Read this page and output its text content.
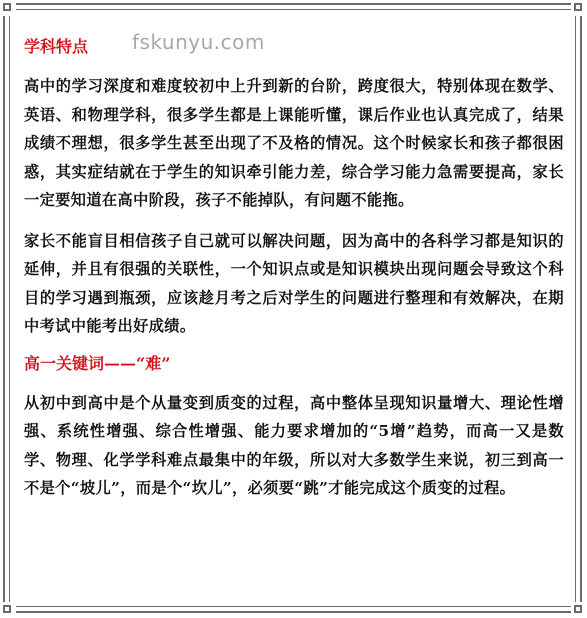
学科特点	fskunyu.com

高中的学习深度和难度较初中上升到新的台阶，跨度很大，特别体现在数学、英语、和物理学科，很多学生都是上课能听懂，课后作业也认真完成了，结果成绩不理想，很多学生甚至出现了不及格的情况。这个时候家长和孩子都很困惑，其实症结就在于学生的知识牵引能力差，综合学习能力急需要提高，家长一定要知道在高中阶段，孩子不能掉队，有问题不能拖。

家长不能盲目相信孩子自己就可以解决问题，因为高中的各科学习都是知识的延伸，并且有很强的关联性，一个知识点或是知识模块出现问题会导致这个科目的学习遇到瓶颈，应该趁月考之后对学生的问题进行整理和有效解决，在期中考试中能考出好成绩。

高一关键词——“难”

从初中到高中是个从量变到质变的过程，高中整体呈现知识量增大、理论性增强、系统性增强、综合性增强、能力要求增加的“5增”趋势，而高一又是数学、物理、化学学科难点最集中的年级，所以对大多数学生来说，初三到高一不是个“坡儿”，而是个“坎儿”，必须要“跳”才能完成这个质变的过程。
